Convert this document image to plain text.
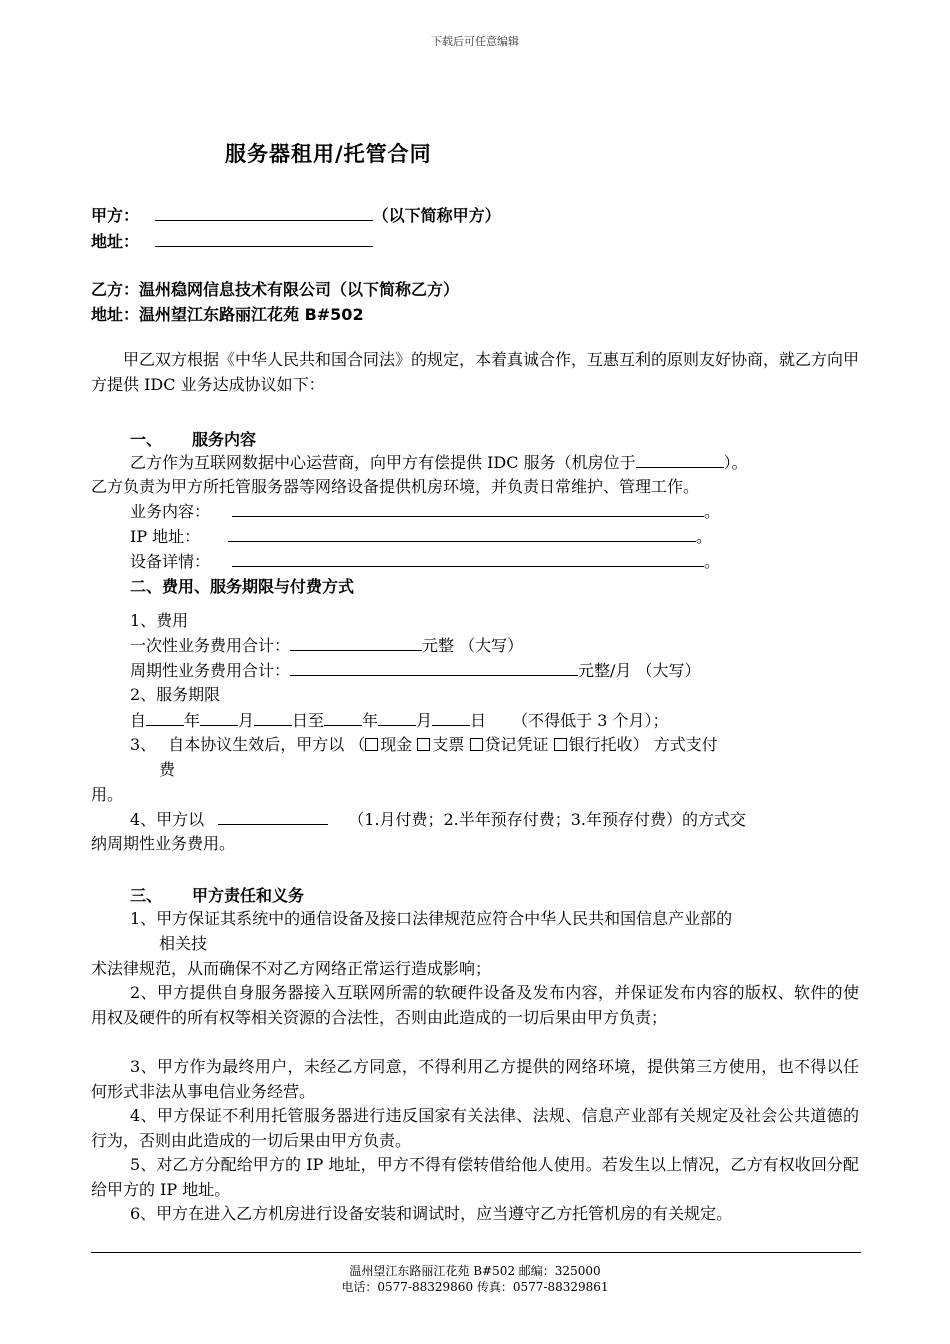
下载后可任意编辑
服务器租用/托管合同
甲方：	（以下简称甲方）
地址：
乙方：温州稳网信息技术有限公司（以下简称乙方）
地址：温州望江东路丽江花苑 B#502
甲乙双方根据《中华人民共和国合同法》的规定，本着真诚合作，互惠互利的原则友好协商，就乙方向甲方提供 IDC 业务达成协议如下：
一、 服务内容
乙方作为互联网数据中心运营商，向甲方有偿提供 IDC 服务（机房位于	）。
乙方负责为甲方所托管服务器等网络设备提供机房环境，并负责日常维护、管理工作。
业务内容：	。
IP 地址：	。
设备详情：	。
二、费用、服务期限与付费方式
1、费用
一次性业务费用合计：	元整 （大写）
周期性业务费用合计：	元整/月 （大写）
2、服务期限
自 年 月 日至 年 月 日 （不得低于 3 个月）；
3、 自本协议生效后，甲方以 （ 现金 支票 贷记凭证 银行托收） 方式支付
费
用。
4、甲方以	（1.月付费；2.半年预存付费；3.年预存付费）的方式交
纳周期性业务费用。
三、 甲方责任和义务
1、甲方保证其系统中的通信设备及接口法律规范应符合中华人民共和国信息产业部的
相关技
术法律规范，从而确保不对乙方网络正常运行造成影响；
2、甲方提供自身服务器接入互联网所需的软硬件设备及发布内容，并保证发布内容的版权、软件的使用权及硬件的所有权等相关资源的合法性，否则由此造成的一切后果由甲方负责；
3、甲方作为最终用户，未经乙方同意，不得利用乙方提供的网络环境，提供第三方使用，也不得以任何形式非法从事电信业务经营。
4、甲方保证不利用托管服务器进行违反国家有关法律、法规、信息产业部有关规定及社会公共道德的行为，否则由此造成的一切后果由甲方负责。
5、对乙方分配给甲方的 IP 地址，甲方不得有偿转借给他人使用。若发生以上情况，乙方有权收回分配给甲方的 IP 地址。
6、甲方在进入乙方机房进行设备安装和调试时，应当遵守乙方托管机房的有关规定。
温州望江东路丽江花苑 B#502 邮编：325000
电话：0577-88329860 传真：0577-88329861
